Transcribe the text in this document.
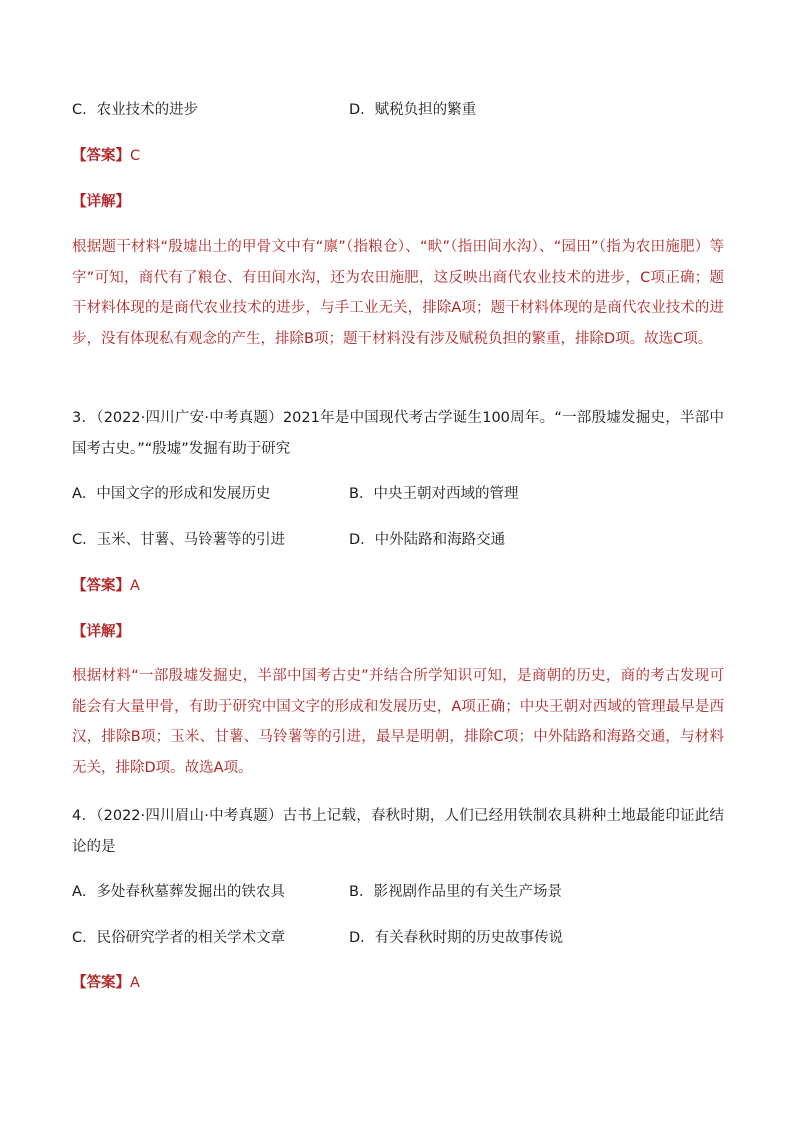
C．农业技术的进步	D．赋税负担的繁重
【答案】C
【详解】
根据题干材料“殷墟出土的甲骨文中有“廪”（指粮仓）、“畎”（指田间水沟）、“园田”（指为农田施肥）等字”可知，商代有了粮仓、有田间水沟，还为农田施肥，这反映出商代农业技术的进步，C项正确；题干材料体现的是商代农业技术的进步，与手工业无关，排除A项；题干材料体现的是商代农业技术的进步，没有体现私有观念的产生，排除B项；题干材料没有涉及赋税负担的繁重，排除D项。故选C项。
3．（2022·四川广安·中考真题）2021年是中国现代考古学诞生100周年。“一部殷墟发掘史，半部中国考古史。”“殷墟”发掘有助于研究
A．中国文字的形成和发展历史	B．中央王朝对西域的管理
C．玉米、甘薯、马铃薯等的引进	D．中外陆路和海路交通
【答案】A
【详解】
根据材料“一部殷墟发掘史，半部中国考古史”并结合所学知识可知，是商朝的历史，商的考古发现可能会有大量甲骨，有助于研究中国文字的形成和发展历史，A项正确；中央王朝对西域的管理最早是西汉，排除B项；玉米、甘薯、马铃薯等的引进，最早是明朝，排除C项；中外陆路和海路交通，与材料无关，排除D项。故选A项。
4．（2022·四川眉山·中考真题）古书上记载，春秋时期，人们已经用铁制农具耕种土地最能印证此结论的是
A．多处春秋墓葬发掘出的铁农具	B．影视剧作品里的有关生产场景
C．民俗研究学者的相关学术文章	D．有关春秋时期的历史故事传说
【答案】A
